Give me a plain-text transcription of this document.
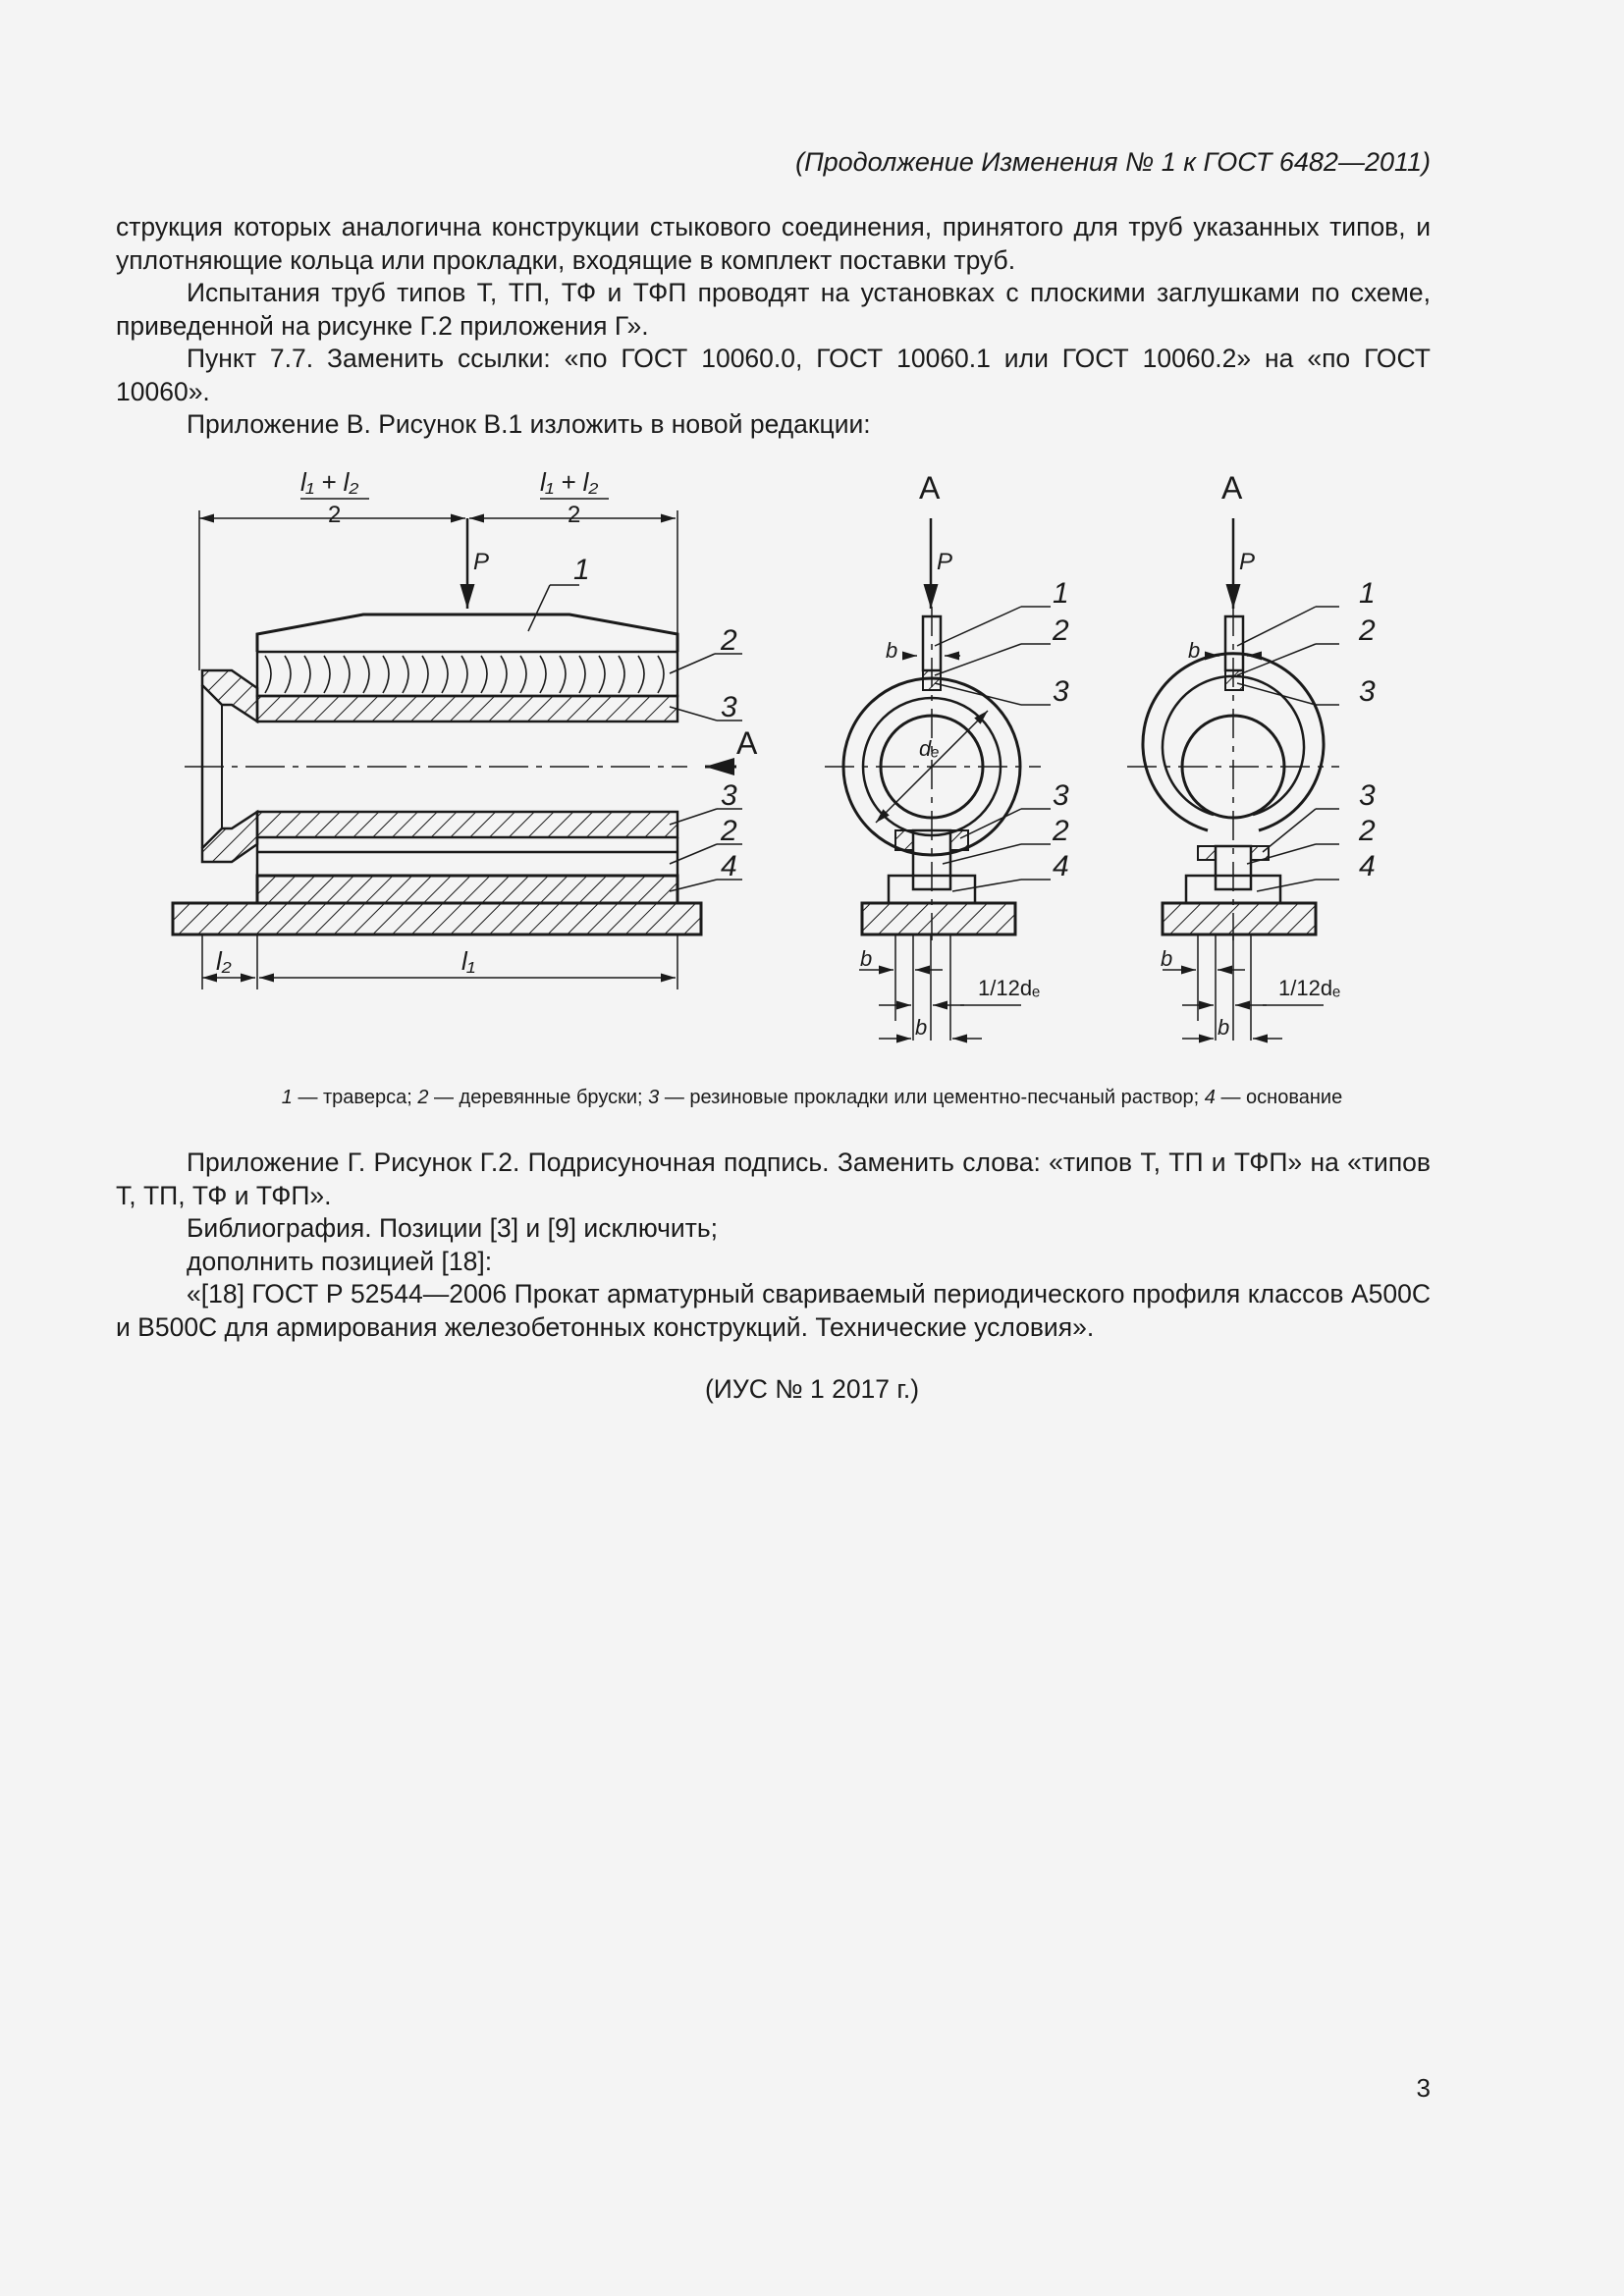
(Продолжение Изменения № 1 к ГОСТ 6482—2011)

струкция которых аналогична конструкции стыкового соединения, принятого для труб указанных типов, и уплотняющие кольца или прокладки, входящие в комплект поставки труб.

Испытания труб типов Т, ТП, ТФ и ТФП проводят на установках с плоскими заглушками по схеме, приведенной на рисунке Г.2 приложения Г».

Пункт 7.7. Заменить ссылки: «по ГОСТ 10060.0, ГОСТ 10060.1 или ГОСТ 10060.2» на «по ГОСТ 10060».

Приложение В. Рисунок В.1 изложить в новой редакции:

l₁ + l₂
2
l₁ + l₂
2
P	P	P
l₂	l₁
dₑ
1/12dₑ	1/12dₑ
b
b
b
b
b
b
1
2
3
3
2
4
1
2
3
3
2
4
1
2
3
3
2
4
А
А	А
1 — траверса; 2 — деревянные бруски; 3 — резиновые прокладки или цементно-песчаный раствор; 4 — основание

Приложение Г. Рисунок Г.2. Подрисуночная подпись. Заменить слова: «типов Т, ТП и ТФП» на «типов Т, ТП, ТФ и ТФП».

Библиография. Позиции [3] и [9] исключить;

дополнить позицией [18]:

«[18] ГОСТ Р 52544—2006 Прокат арматурный свариваемый периодического профиля классов А500С и В500С для армирования железобетонных конструкций. Технические условия».

(ИУС № 1 2017 г.)
3
